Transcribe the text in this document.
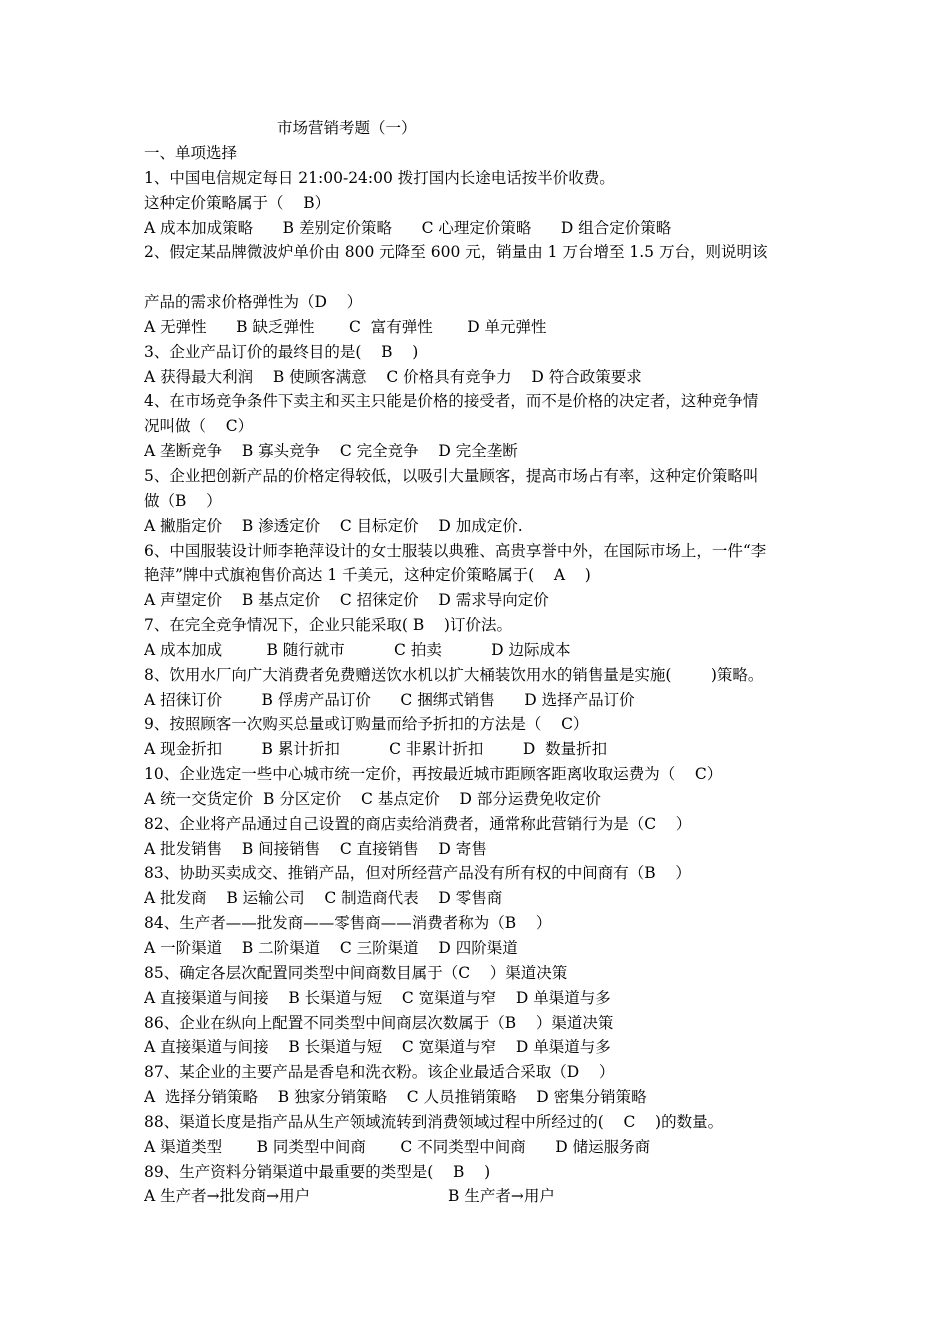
市场营销考题（一）
一、单项选择
1、中国电信规定每日 21:00-24:00 拨打国内长途电话按半价收费。
这种定价策略属于（    B）
A 成本加成策略      B 差别定价策略      C 心理定价策略      D 组合定价策略
2、假定某品牌微波炉单价由 800 元降至 600 元，销量由 1 万台增至 1.5 万台，则说明该
产品的需求价格弹性为（D    ）
A 无弹性      B 缺乏弹性       C  富有弹性       D 单元弹性
3、企业产品订价的最终目的是(    B    )
A 获得最大利润    B 使顾客满意    C 价格具有竞争力    D 符合政策要求
4、在市场竞争条件下卖主和买主只能是价格的接受者，而不是价格的决定者，这种竞争情
况叫做（    C）
A 垄断竞争    B 寡头竞争    C 完全竞争    D 完全垄断
5、企业把创新产品的价格定得较低，以吸引大量顾客，提高市场占有率，这种定价策略叫
做（B    ）
A 撇脂定价    B 渗透定价    C 目标定价    D 加成定价.
6、中国服装设计师李艳萍设计的女士服装以典雅、高贵享誉中外，在国际市场上，一件“李
艳萍”牌中式旗袍售价高达 1 千美元，这种定价策略属于(    A    )
A 声望定价    B 基点定价    C 招徕定价    D 需求导向定价
7、在完全竞争情况下，企业只能采取( B    )订价法。
A 成本加成         B 随行就市          C 拍卖          D 边际成本
8、饮用水厂向广大消费者免费赠送饮水机以扩大桶装饮用水的销售量是实施(        )策略。
A 招徕订价        B 俘虏产品订价      C 捆绑式销售      D 选择产品订价
9、按照顾客一次购买总量或订购量而给予折扣的方法是（    C）
A 现金折扣        B 累计折扣          C 非累计折扣        D  数量折扣
10、企业选定一些中心城市统一定价，再按最近城市距顾客距离收取运费为（    C）
A 统一交货定价  B 分区定价    C 基点定价    D 部分运费免收定价
82、企业将产品通过自己设置的商店卖给消费者，通常称此营销行为是（C    ）
A 批发销售    B 间接销售    C 直接销售    D 寄售
83、协助买卖成交、推销产品，但对所经营产品没有所有权的中间商有（B    ）
A 批发商    B 运输公司    C 制造商代表    D 零售商
84、生产者——批发商——零售商——消费者称为（B    ）
A 一阶渠道    B 二阶渠道    C 三阶渠道    D 四阶渠道
85、确定各层次配置同类型中间商数目属于（C    ）渠道决策
A 直接渠道与间接    B 长渠道与短    C 宽渠道与窄    D 单渠道与多
86、企业在纵向上配置不同类型中间商层次数属于（B    ）渠道决策
A 直接渠道与间接    B 长渠道与短    C 宽渠道与窄    D 单渠道与多
87、某企业的主要产品是香皂和洗衣粉。该企业最适合采取（D    ）
A  选择分销策略    B 独家分销策略    C 人员推销策略    D 密集分销策略
88、渠道长度是指产品从生产领域流转到消费领域过程中所经过的(    C    )的数量。
A 渠道类型       B 同类型中间商       C 不同类型中间商      D 储运服务商
89、生产资料分销渠道中最重要的类型是(    B    )
A 生产者→批发商→用户                            B 生产者→用户
